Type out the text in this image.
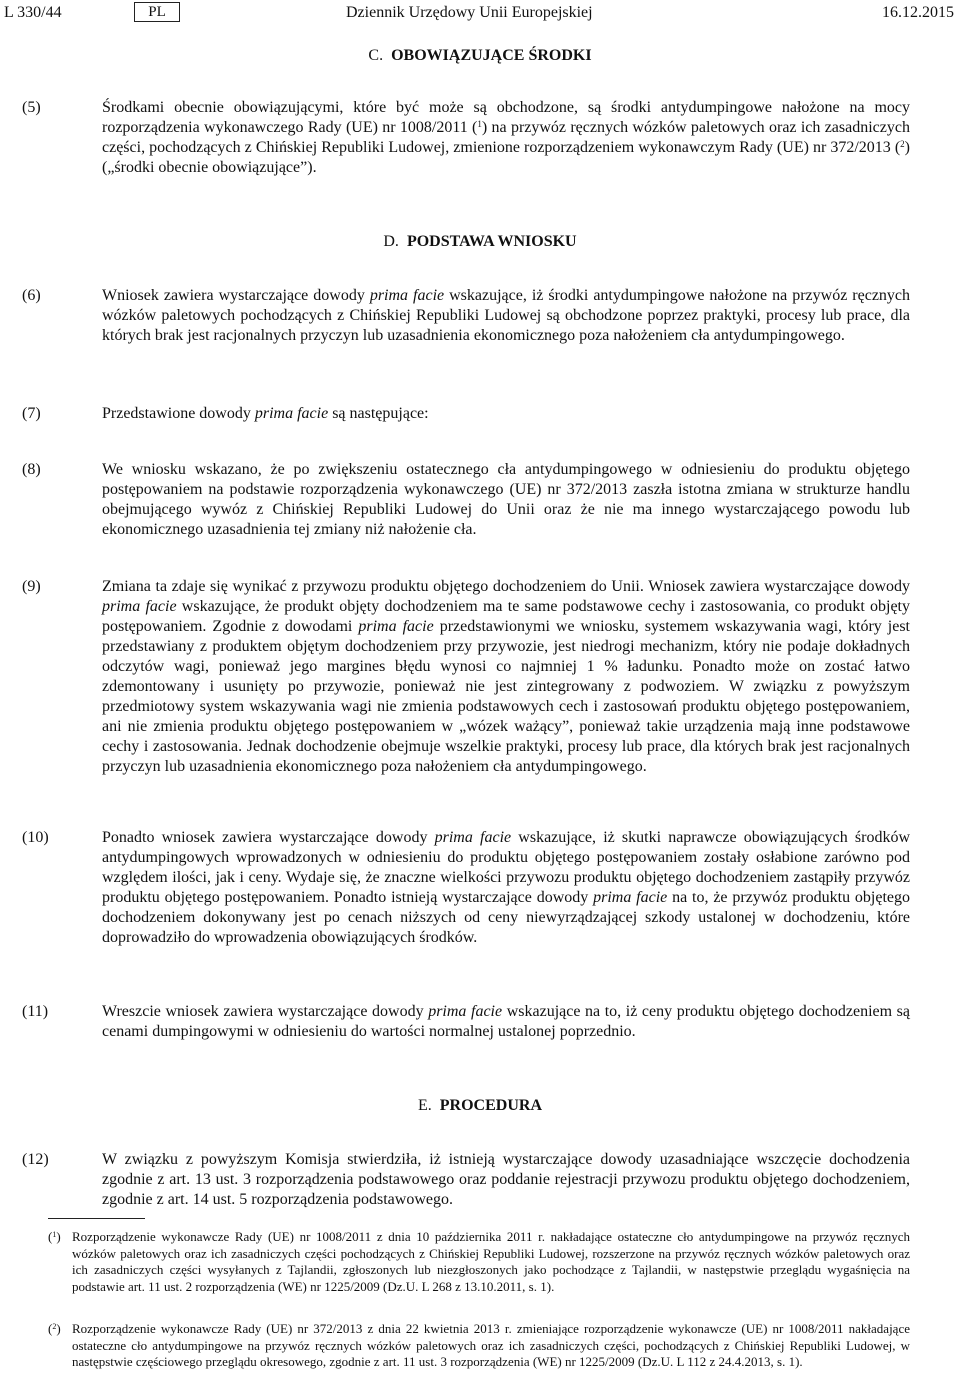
L 330/44	PL	Dziennik Urzędowy Unii Europejskiej	16.12.2015
C. OBOWIĄZUJĄCE ŚRODKI
(5)	Środkami obecnie obowiązującymi, które być może są obchodzone, są środki antydumpingowe nałożone na mocy rozporządzenia wykonawczego Rady (UE) nr 1008/2011 ($^1$) na przywóz ręcznych wózków paletowych oraz ich zasadniczych części, pochodzących z Chińskiej Republiki Ludowej, zmienione rozporządzeniem wykonawczym Rady (UE) nr 372/2013 ($^2$) („środki obecnie obowiązujące”).
D. PODSTAWA WNIOSKU
(6)	Wniosek zawiera wystarczające dowody prima facie wskazujące, iż środki antydumpingowe nałożone na przywóz ręcznych wózków paletowych pochodzących z Chińskiej Republiki Ludowej są obchodzone poprzez praktyki, procesy lub prace, dla których brak jest racjonalnych przyczyn lub uzasadnienia ekonomicznego poza nałożeniem cła antydumpingowego.
(7)	Przedstawione dowody prima facie są następujące:
(8)	We wniosku wskazano, że po zwiększeniu ostatecznego cła antydumpingowego w odniesieniu do produktu objętego postępowaniem na podstawie rozporządzenia wykonawczego (UE) nr 372/2013 zaszła istotna zmiana w strukturze handlu obejmującego wywóz z Chińskiej Republiki Ludowej do Unii oraz że nie ma innego wystarczającego powodu lub ekonomicznego uzasadnienia tej zmiany niż nałożenie cła.
(9)	Zmiana ta zdaje się wynikać z przywozu produktu objętego dochodzeniem do Unii. Wniosek zawiera wystarczające dowody prima facie wskazujące, że produkt objęty dochodzeniem ma te same podstawowe cechy i zastosowania, co produkt objęty postępowaniem. Zgodnie z dowodami prima facie przedstawionymi we wniosku, systemem wskazywania wagi, który jest przedstawiany z produktem objętym dochodzeniem przy przywozie, jest niedrogi mechanizm, który nie podaje dokładnych odczytów wagi, ponieważ jego margines błędu wynosi co najmniej 1 % ładunku. Ponadto może on zostać łatwo zdemontowany i usunięty po przywozie, ponieważ nie jest zintegrowany z podwoziem. W związku z powyższym przedmiotowy system wskazywania wagi nie zmienia podstawowych cech i zastosowań produktu objętego postępowaniem, ani nie zmienia produktu objętego postępowaniem w „wózek ważący”, ponieważ takie urządzenia mają inne podstawowe cechy i zastosowania. Jednak dochodzenie obejmuje wszelkie praktyki, procesy lub prace, dla których brak jest racjonalnych przyczyn lub uzasadnienia ekonomicznego poza nałożeniem cła antydumpingowego.
(10)	Ponadto wniosek zawiera wystarczające dowody prima facie wskazujące, iż skutki naprawcze obowiązujących środków antydumpingowych wprowadzonych w odniesieniu do produktu objętego postępowaniem zostały osłabione zarówno pod względem ilości, jak i ceny. Wydaje się, że znaczne wielkości przywozu produktu objętego dochodzeniem zastąpiły przywóz produktu objętego postępowaniem. Ponadto istnieją wystarczające dowody prima facie na to, że przywóz produktu objętego dochodzeniem dokonywany jest po cenach niższych od ceny niewyrządzającej szkody ustalonej w dochodzeniu, które doprowadziło do wprowadzenia obowiązujących środków.
(11)	Wreszcie wniosek zawiera wystarczające dowody prima facie wskazujące na to, iż ceny produktu objętego dochodzeniem są cenami dumpingowymi w odniesieniu do wartości normalnej ustalonej poprzednio.
E. PROCEDURA
(12)	W związku z powyższym Komisja stwierdziła, iż istnieją wystarczające dowody uzasadniające wszczęcie dochodzenia zgodnie z art. 13 ust. 3 rozporządzenia podstawowego oraz poddanie rejestracji przywozu produktu objętego dochodzeniem, zgodnie z art. 14 ust. 5 rozporządzenia podstawowego.
($^1$) Rozporządzenie wykonawcze Rady (UE) nr 1008/2011 z dnia 10 października 2011 r. nakładające ostateczne cło antydumpingowe na przywóz ręcznych wózków paletowych oraz ich zasadniczych części pochodzących z Chińskiej Republiki Ludowej, rozszerzone na przywóz ręcznych wózków paletowych oraz ich zasadniczych części wysyłanych z Tajlandii, zgłoszonych lub niezgłoszonych jako pochodzące z Tajlandii, w następstwie przeglądu wygaśnięcia na podstawie art. 11 ust. 2 rozporządzenia (WE) nr 1225/2009 (Dz.U. L 268 z 13.10.2011, s. 1).
($^2$) Rozporządzenie wykonawcze Rady (UE) nr 372/2013 z dnia 22 kwietnia 2013 r. zmieniające rozporządzenie wykonawcze (UE) nr 1008/2011 nakładające ostateczne cło antydumpingowe na przywóz ręcznych wózków paletowych oraz ich zasadniczych części, pochodzących z Chińskiej Republiki Ludowej, w następstwie częściowego przeglądu okresowego, zgodnie z art. 11 ust. 3 rozporządzenia (WE) nr 1225/2009 (Dz.U. L 112 z 24.4.2013, s. 1).
